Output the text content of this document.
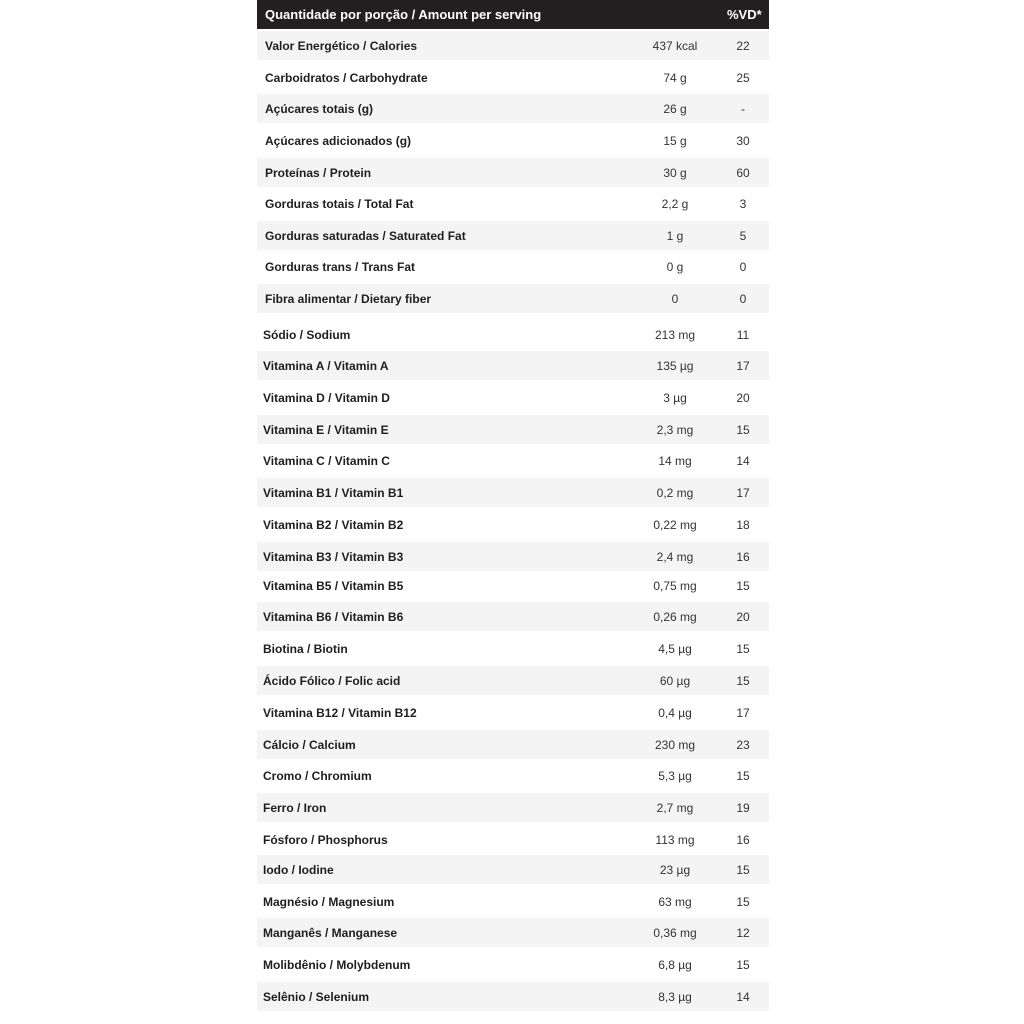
Quantidade por porção / Amount per serving	%VD*
Valor Energético / Calories	437 kcal	22
Carboidratos / Carbohydrate	74 g	25
Açúcares totais (g)	26 g	-
Açúcares adicionados (g)	15 g	30
Proteínas / Protein	30 g	60
Gorduras totais / Total Fat	2,2 g	3
Gorduras saturadas / Saturated Fat	1 g	5
Gorduras trans / Trans Fat	0 g	0
Fibra alimentar / Dietary fiber	0	0
Sódio / Sodium	213 mg	11
Vitamina A / Vitamin A	135 µg	17
Vitamina D / Vitamin D	3 µg	20
Vitamina E / Vitamin E	2,3 mg	15
Vitamina C / Vitamin C	14 mg	14
Vitamina B1 / Vitamin B1	0,2 mg	17
Vitamina B2 / Vitamin B2	0,22 mg	18
Vitamina B3 / Vitamin B3	2,4 mg	16
Vitamina B5 / Vitamin B5	0,75 mg	15
Vitamina B6 / Vitamin B6	0,26 mg	20
Biotina / Biotin	4,5 µg	15
Ácido Fólico / Folic acid	60 µg	15
Vitamina B12 / Vitamin B12	0,4 µg	17
Cálcio / Calcium	230 mg	23
Cromo / Chromium	5,3 µg	15
Ferro / Iron	2,7 mg	19
Fósforo / Phosphorus	113 mg	16
Iodo / Iodine	23 µg	15
Magnésio / Magnesium	63 mg	15
Manganês / Manganese	0,36 mg	12
Molibdênio / Molybdenum	6,8 µg	15
Selênio / Selenium	8,3 µg	14
